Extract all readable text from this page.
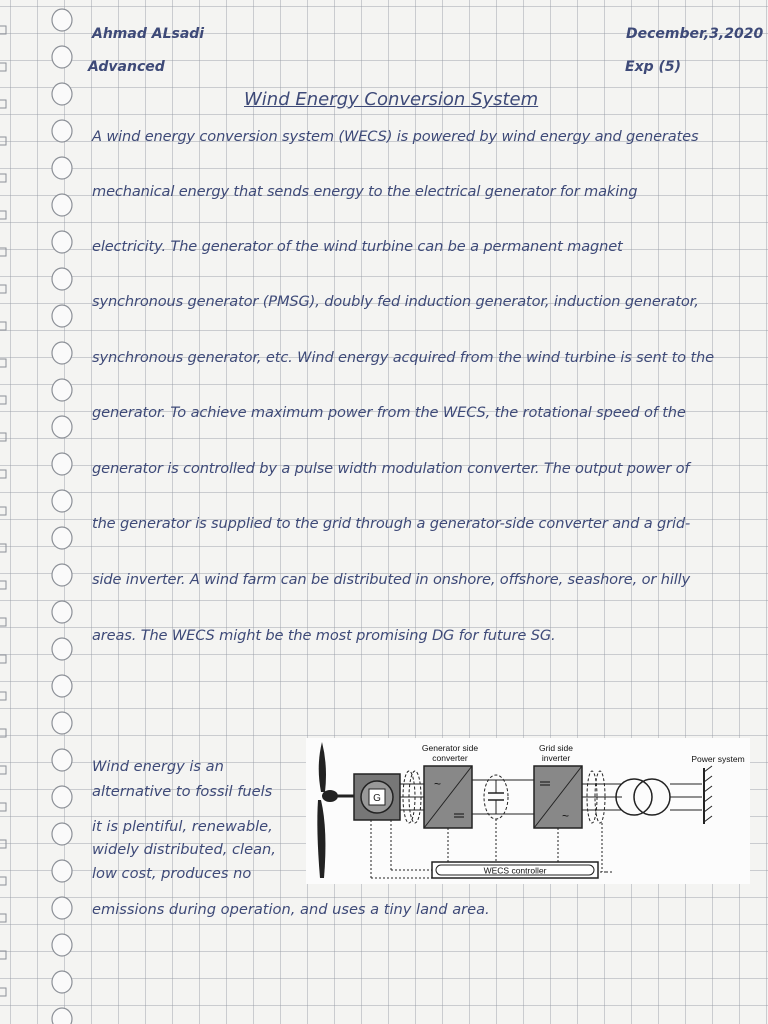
Ahmad ALsadi	December,3,2020
Advanced	Exp (5)
Wind Energy Conversion System
A wind energy conversion system (WECS) is powered by wind energy and generates
mechanical energy that sends energy to the electrical generator for making
electricity. The generator of the wind turbine can be a permanent magnet
synchronous generator (PMSG), doubly fed induction generator, induction generator,
synchronous generator, etc. Wind energy acquired from the wind turbine is sent to the
generator. To achieve maximum power from the WECS, the rotational speed of the
generator is controlled by a pulse width modulation converter. The output power of
the generator is supplied to the grid through a generator-side converter and a grid-
side inverter. A wind farm can be distributed in onshore, offshore, seashore, or hilly
areas. The WECS might be the most promising DG for future SG.
Wind energy is an
alternative to fossil fuels
it is plentiful, renewable,
widely distributed, clean,
low cost, produces no
emissions during operation, and uses a tiny land area.
G
Generator side
converter
~
Grid side
inverter
~
Power system
WECS controller
